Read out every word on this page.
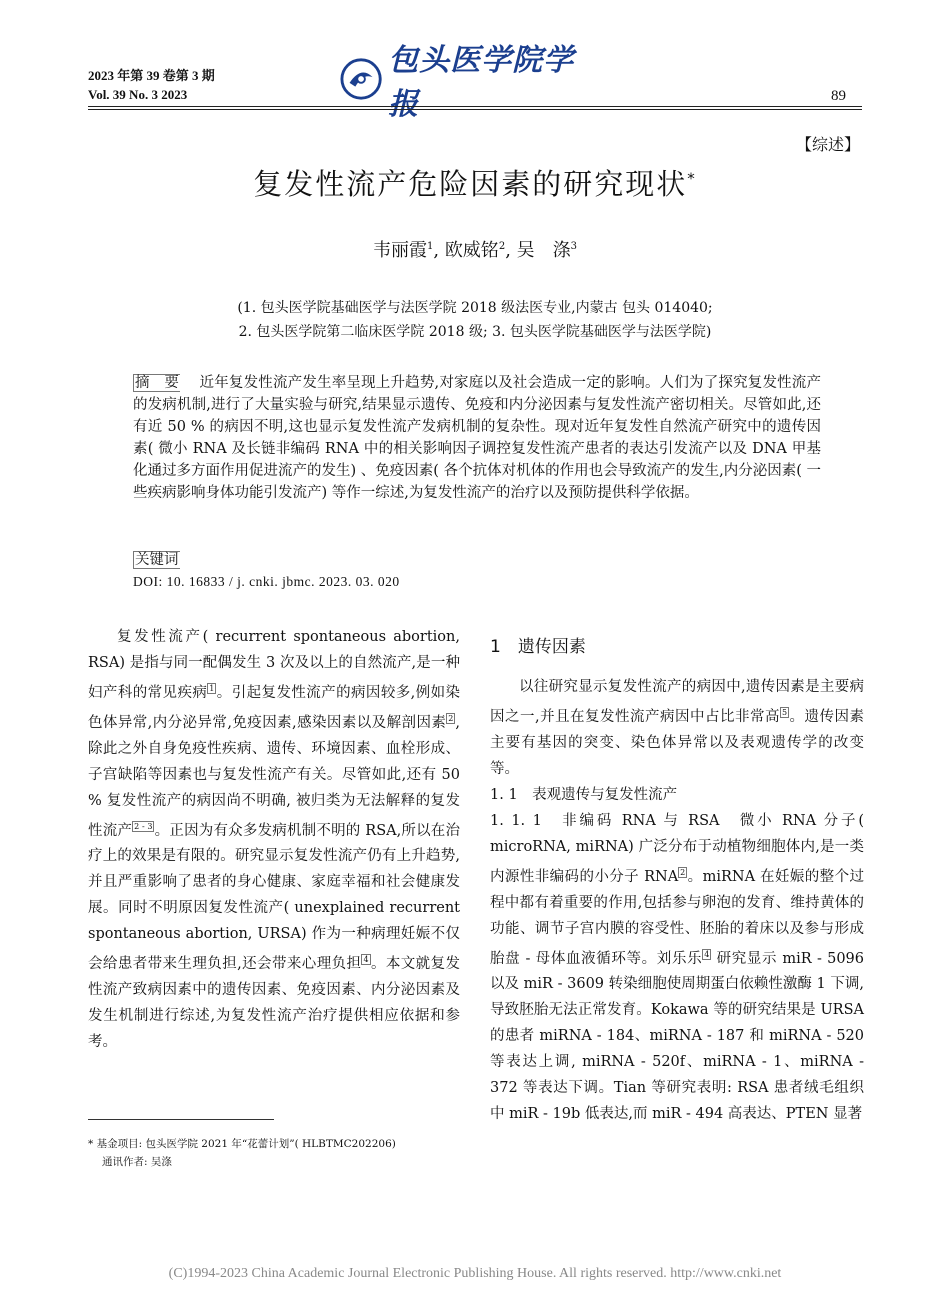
2023 年第 39 卷第 3 期
Vol. 39 No. 3 2023
包头医学院学报	89
【综述】
复发性流产危险因素的研究现状*
韦丽霞$^1$, 欧威铭$^2$, 吴　涤$^3$
(1. 包头医学院基础医学与法医学院 2018 级法医专业,内蒙古 包头 014040;
2. 包头医学院第二临床医学院 2018 级; 3. 包头医学院基础医学与法医学院)
摘　要　 近年复发性流产发生率呈现上升趋势,对家庭以及社会造成一定的影响。人们为了探究复发性流产的发病机制,进行了大量实验与研究,结果显示遗传、免疫和内分泌因素与复发性流产密切相关。尽管如此,还有近 50 % 的病因不明,这也显示复发性流产发病机制的复杂性。现对近年复发性自然流产研究中的遗传因素( 微小 RNA 及长链非编码 RNA 中的相关影响因子调控复发性流产患者的表达引发流产以及 DNA 甲基化通过多方面作用促进流产的发生) 、免疫因素( 各个抗体对机体的作用也会导致流产的发生,内分泌因素( 一些疾病影响身体功能引发流产) 等作一综述,为复发性流产的治疗以及预防提供科学依据。
关键词
DOI: 10. 16833 / j. cnki. jbmc. 2023. 03. 020

复发性流产( recurrent spontaneous abortion, RSA) 是指与同一配偶发生 3 次及以上的自然流产,是一种妇产科的常见疾病 $^1$ 。引起复发性流产的病因较多,例如染色体异常,内分泌异常,免疫因素,感染因素以及解剖因素 $^2$ ,除此之外自身免疫性疾病、遗传、环境因素、血栓形成、子宫缺陷等因素也与复发性流产有关。尽管如此,还有 50 % 复发性流产的病因尚不明确, 被归类为无法解释的复发性流产 $^{2 - 3}$ 。正因为有众多发病机制不明的 RSA,所以在治疗上的效果是有限的。研究显示复发性流产仍有上升趋势,并且严重影响了患者的身心健康、家庭幸福和社会健康发展。同时不明原因复发性流产( unexplained recurrent spontaneous abortion, URSA) 作为一种病理妊娠不仅会给患者带来生理负担,还会带来心理负担 $^4$ 。本文就复发性流产致病因素中的遗传因素、免疫因素、内分泌因素及发生机制进行综述,为复发性流产治疗提供相应依据和参考。

1　遗传因素

以往研究显示复发性流产的病因中,遗传因素是主要病因之一,并且在复发性流产病因中占比非常高 $^5$ 。遗传因素主要有基因的突变、染色体异常以及表观遗传学的改变等。

1. 1　表观遗传与复发性流产

1. 1. 1　非编码 RNA 与 RSA　微小 RNA 分子( microRNA, miRNA) 广泛分布于动植物细胞体内,是一类内源性非编码的小分子 RNA $^2$ 。miRNA 在妊娠的整个过程中都有着重要的作用,包括参与卵泡的发育、维持黄体的功能、调节子宫内膜的容受性、胚胎的着床以及参与形成胎盘 - 母体血液循环等。刘乐乐 $^4$ 研究显示 miR - 5096 以及 miR - 3609 转染细胞使周期蛋白依赖性激酶 1 下调,导致胚胎无法正常发育。Kokawa 等的研究结果是 URSA 的患者 miRNA - 184、miRNA - 187 和 miRNA - 520 等表达上调, miRNA - 520f、miRNA - 1、miRNA - 372 等表达下调。Tian 等研究表明: RSA 患者绒毛组织中 miR - 19b 低表达,而 miR - 494 高表达、PTEN 显著

* 基金项目: 包头医学院 2021 年“花蕾计划”( HLBTMC202206)
通讯作者: 吴涤
(C)1994-2023 China Academic Journal Electronic Publishing House. All rights reserved. http://www.cnki.net
